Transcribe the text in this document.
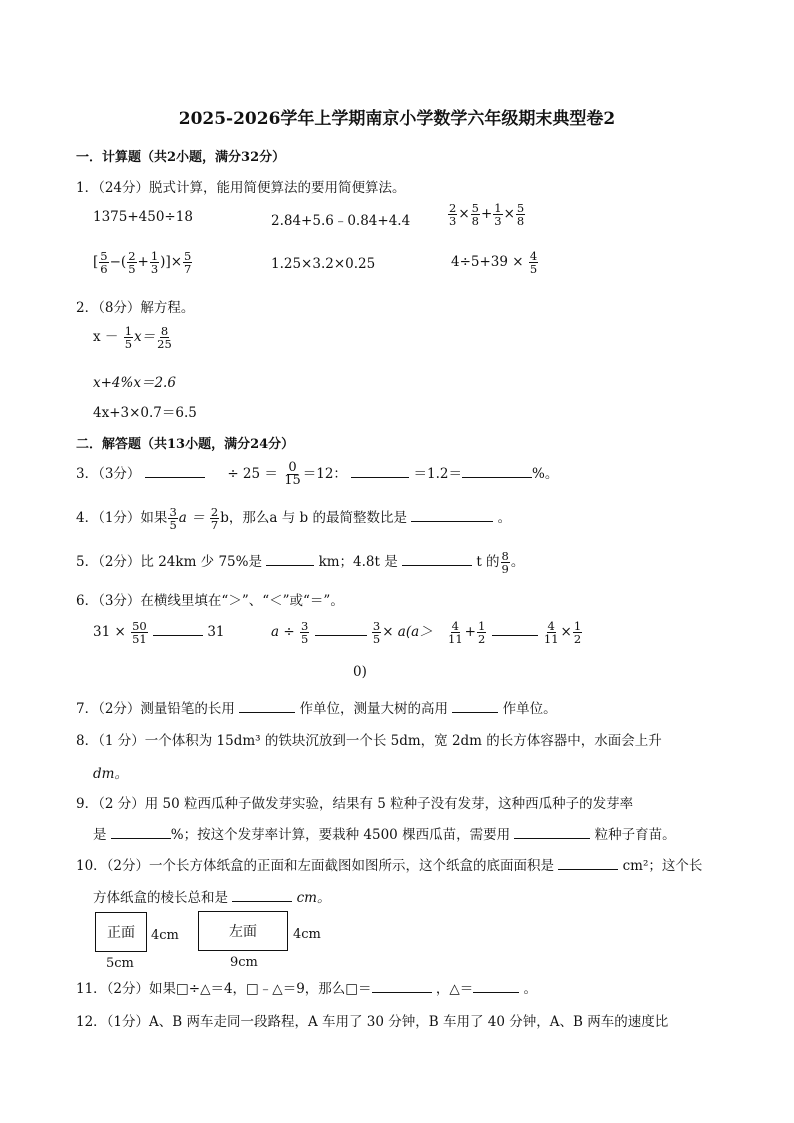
2025-2026学年上学期南京小学数学六年级期末典型卷2
一．计算题（共2小题，满分32分）
1．（24分）脱式计算，能用简便算法的要用简便算法。
1375+450÷18	2.84+5.6﹣0.84+4.4	$\frac{2}{3} \times \frac{5}{8} + \frac{1}{3} \times \frac{5}{8}$
[ $\frac{5}{6}$ −( $\frac{2}{5} + \frac{1}{3}$ )]× $\frac{5}{7}$	1.25×3.2×0.25	$4\div 5+39 \times \frac{4}{5}$
2．（8分）解方程。
$x - \frac{1}{5} x= \frac{8}{25}$
x+4%x＝2.6
4x+3×0.7＝6.5
二．解答题（共13小题，满分24分）
3．（3分）	÷ $25 = \frac{0}{15} =12$：	＝1.2＝	%。
4．（1分）如果 $\frac{3}{5}$ $a = \frac{2}{7}$ b，那么a 与 b 的最简整数比是	。
5．（2分）比 24km 少 75%是	km；4.8t 是	t 的 $\frac{8}{9}$ 。
6．（3分）在横线里填在“＞”、“＜”或“＝”。
$31 \times \frac{50}{51}$	31	$a \div \frac{3}{5}$
	$\frac{3}{5} \times a(a>$
0)
$\frac{4}{11} + \frac{1}{2}$
	$\frac{4}{11} \times \frac{1}{2}$
7．（2分）测量铅笔的长用	作单位，测量大树的高用	作单位。
8．（1 分）一个体积为 15dm³ 的铁块沉放到一个长 5dm，宽 2dm 的长方体容器中，水面会上升
dm。
9．（2 分）用 50 粒西瓜种子做发芽实验，结果有 5 粒种子没有发芽，这种西瓜种子的发芽率
是	%；按这个发芽率计算，要栽种 4500 棵西瓜苗，需要用	粒种子育苗。
10．（2分）一个长方体纸盒的正面和左面截图如图所示，这个纸盒的底面面积是	cm²；这个长
方体纸盒的棱长总和是	cm。
正面 4cm
5cm
左面	4cm
9cm
11．（2分）如果□÷△＝4，□﹣△＝9，那么□＝	，△＝	。
12．（1分）A、B 两车走同一段路程，A 车用了 30 分钟，B 车用了 40 分钟，A、B 两车的速度比
